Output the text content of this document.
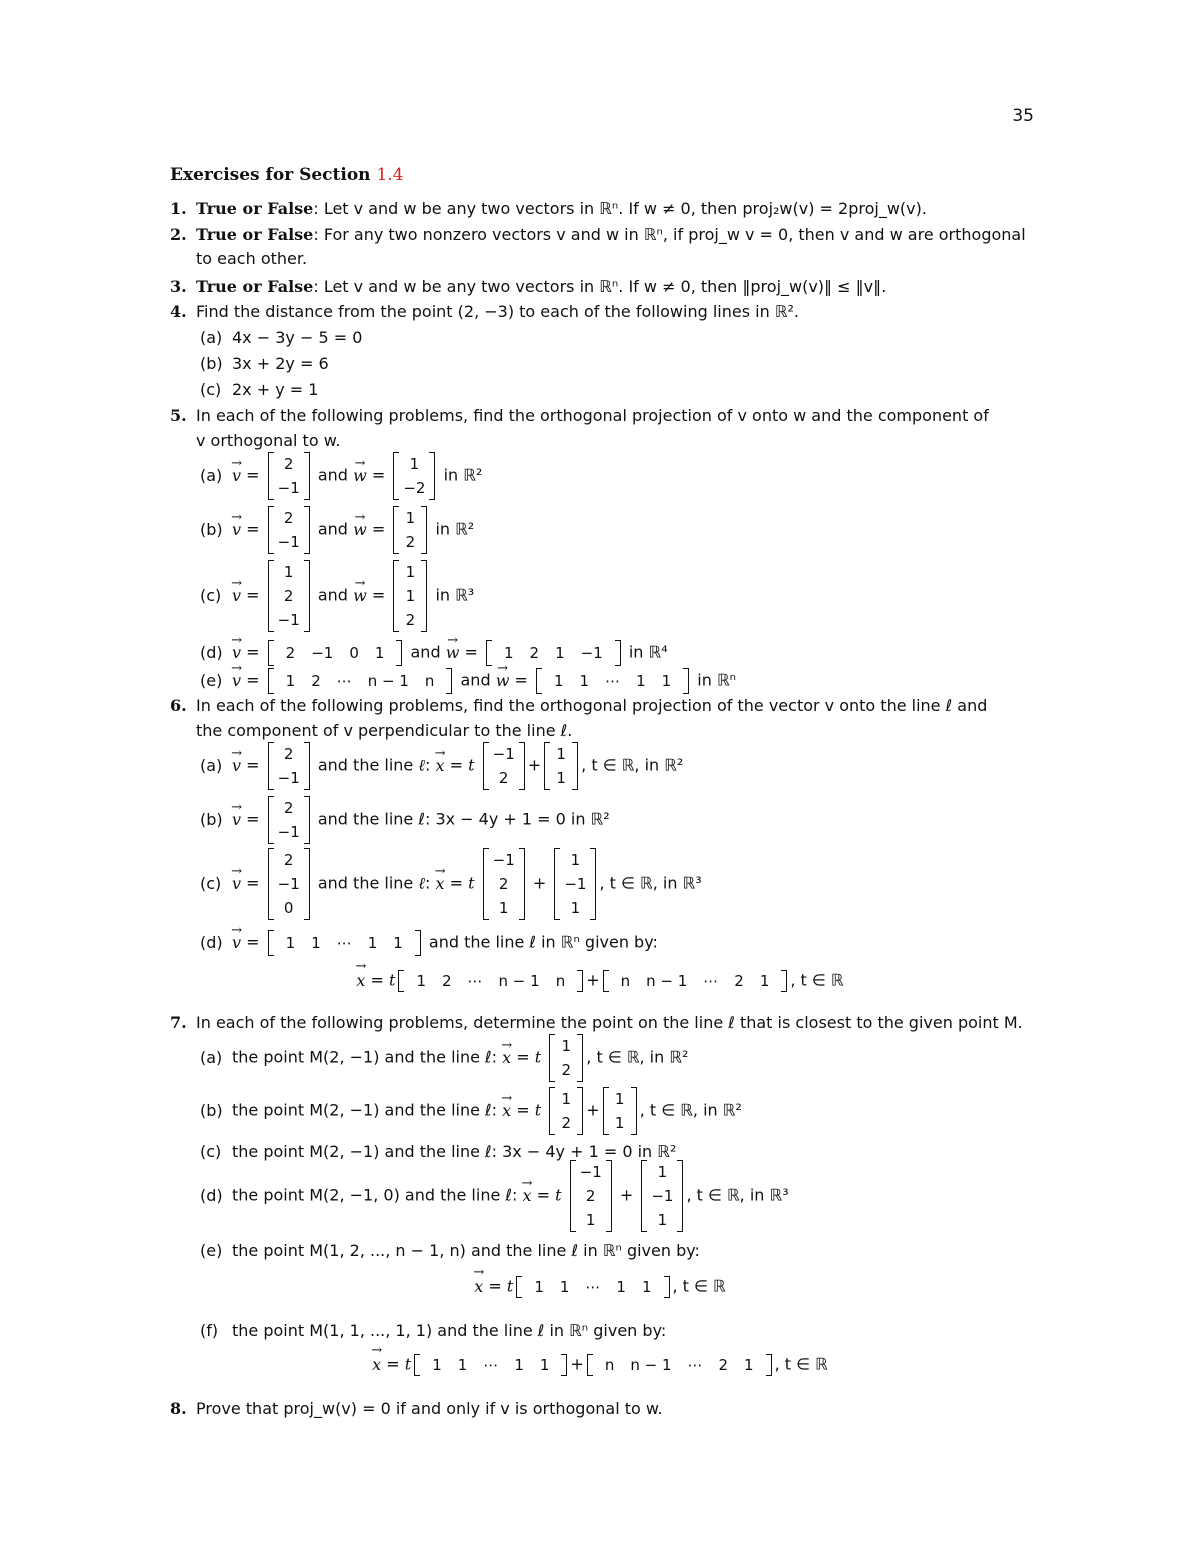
35
Exercises for Section 1.4
1. True or False: Let v and w be any two vectors in ℝⁿ. If w ≠ 0, then proj₂w(v) = 2proj_w(v).
2. True or False: For any two nonzero vectors v and w in ℝⁿ, if proj_w v = 0, then v and w are orthogonal
to each other.
3. True or False: Let v and w be any two vectors in ℝⁿ. If w ≠ 0, then ‖proj_w(v)‖ ≤ ‖v‖.
4. Find the distance from the point (2, −3) to each of the following lines in ℝ².
(a) 4x − 3y − 5 = 0
(b) 3x + 2y = 6
(c) 2x + y = 1
5. In each of the following problems, find the orthogonal projection of v onto w and the component of
v orthogonal to w.
(a) → v =
2
−1
and → w =
1
−2
in ℝ²
(b) → v =
2
−1
and → w =
1
2
in ℝ²
(c) → v =
1
2
−1
and → w =
1
1
2
in ℝ³
(d) → v = 2 −1 0 1 and → w = 1 2 1 −1 in ℝ⁴
(e) → v = 1 2 ⋯ n − 1 n and → w = 1 1 ⋯ 1 1 in ℝⁿ
6. In each of the following problems, find the orthogonal projection of the vector v onto the line ℓ and
the component of v perpendicular to the line ℓ.
(a) → v =
2
−1
and the line ℓ: → x = t
−1
2
+
1
1
, t ∈ ℝ, in ℝ²
(b) → v =
2
−1
and the line ℓ: 3x − 4y + 1 = 0 in ℝ²
(c) → v =
2
−1
0
and the line ℓ: → x = t
−1
2
1
+
1
−1
1
, t ∈ ℝ, in ℝ³
(d) → v = 1 1 ⋯ 1 1 and the line ℓ in ℝⁿ given by:
→ x = t 1 2 ⋯ n − 1 n + n n − 1 ⋯ 2 1 , t ∈ ℝ
7. In each of the following problems, determine the point on the line ℓ that is closest to the given point M.
(a) the point M(2, −1) and the line ℓ: → x = t
1
2
, t ∈ ℝ, in ℝ²
(b) the point M(2, −1) and the line ℓ: → x = t
1
2
+
1
1
, t ∈ ℝ, in ℝ²
(c) the point M(2, −1) and the line ℓ: 3x − 4y + 1 = 0 in ℝ²
(d) the point M(2, −1, 0) and the line ℓ: → x = t
−1
2
1
+
1
−1
1
, t ∈ ℝ, in ℝ³
(e) the point M(1, 2, ..., n − 1, n) and the line ℓ in ℝⁿ given by:
→ x = t 1 1 ⋯ 1 1 , t ∈ ℝ
(f) the point M(1, 1, ..., 1, 1) and the line ℓ in ℝⁿ given by:
→ x = t 1 1 ⋯ 1 1 + n n − 1 ⋯ 2 1 , t ∈ ℝ
8. Prove that proj_w(v) = 0 if and only if v is orthogonal to w.
